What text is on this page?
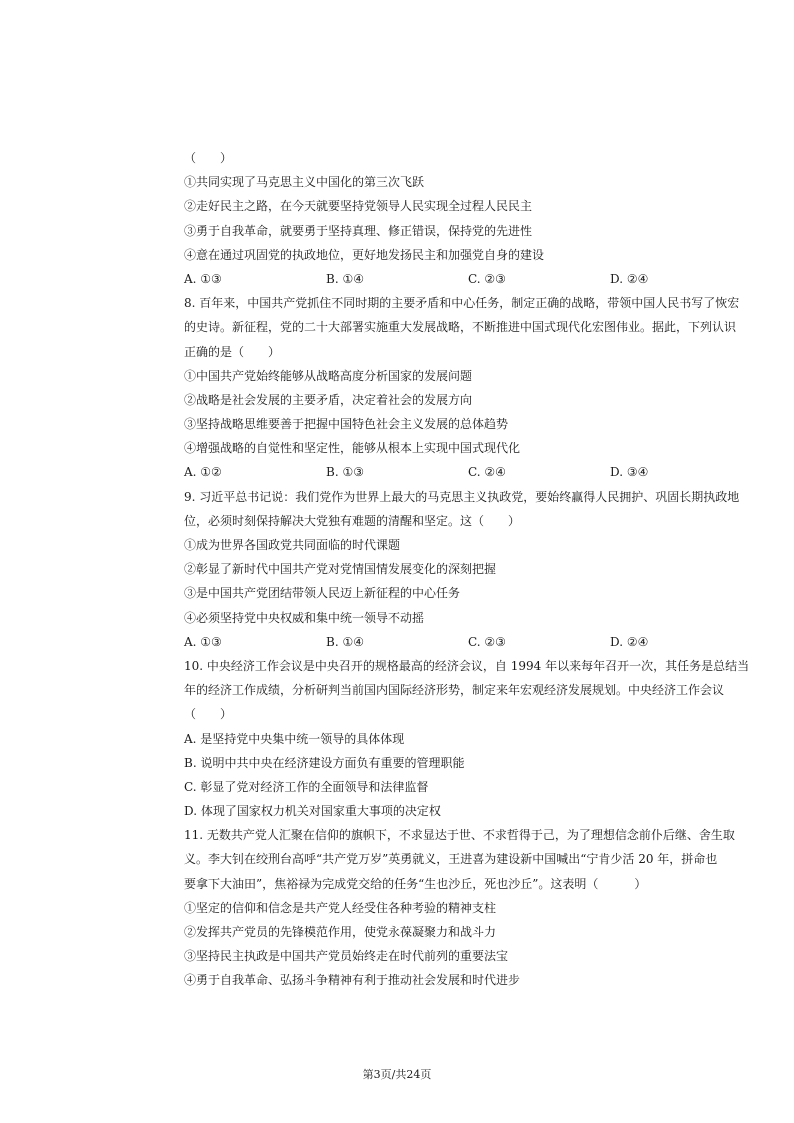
（　　）
①共同实现了马克思主义中国化的第三次飞跃
②走好民主之路，在今天就要坚持党领导人民实现全过程人民民主
③勇于自我革命，就要勇于坚持真理、修正错误，保持党的先进性
④意在通过巩固党的执政地位，更好地发扬民主和加强党自身的建设
A. ①③	B. ①④	C. ②③	D. ②④
8. 百年来，中国共产党抓住不同时期的主要矛盾和中心任务，制定正确的战略，带领中国人民书写了恢宏
的史诗。新征程，党的二十大部署实施重大发展战略，不断推进中国式现代化宏图伟业。据此，下列认识
正确的是（　　）
①中国共产党始终能够从战略高度分析国家的发展问题
②战略是社会发展的主要矛盾，决定着社会的发展方向
③坚持战略思维要善于把握中国特色社会主义发展的总体趋势
④增强战略的自觉性和坚定性，能够从根本上实现中国式现代化
A. ①②	B. ①③	C. ②④	D. ③④
9. 习近平总书记说：我们党作为世界上最大的马克思主义执政党，要始终赢得人民拥护、巩固长期执政地
位，必须时刻保持解决大党独有难题的清醒和坚定。这（　　）
①成为世界各国政党共同面临的时代课题
②彰显了新时代中国共产党对党情国情发展变化的深刻把握
③是中国共产党团结带领人民迈上新征程的中心任务
④必须坚持党中央权威和集中统一领导不动摇
A. ①③	B. ①④	C. ②③	D. ②④
10. 中央经济工作会议是中央召开的规格最高的经济会议，自 1994 年以来每年召开一次，其任务是总结当
年的经济工作成绩，分析研判当前国内国际经济形势，制定来年宏观经济发展规划。中央经济工作会议
（　　）
A. 是坚持党中央集中统一领导的具体体现
B. 说明中共中央在经济建设方面负有重要的管理职能
C. 彰显了党对经济工作的全面领导和法律监督
D. 体现了国家权力机关对国家重大事项的决定权
11. 无数共产党人汇聚在信仰的旗帜下，不求显达于世、不求哲得于己，为了理想信念前仆后继、舍生取
义。李大钊在绞刑台高呼“共产党万岁”英勇就义，王进喜为建设新中国喊出“宁肯少活 20 年，拼命也
要拿下大油田”，焦裕禄为完成党交给的任务“生也沙丘，死也沙丘”。这表明（　　　）
①坚定的信仰和信念是共产党人经受住各种考验的精神支柱
②发挥共产党员的先锋模范作用，使党永葆凝聚力和战斗力
③坚持民主执政是中国共产党员始终走在时代前列的重要法宝
④勇于自我革命、弘扬斗争精神有利于推动社会发展和时代进步
第3页/共24页
